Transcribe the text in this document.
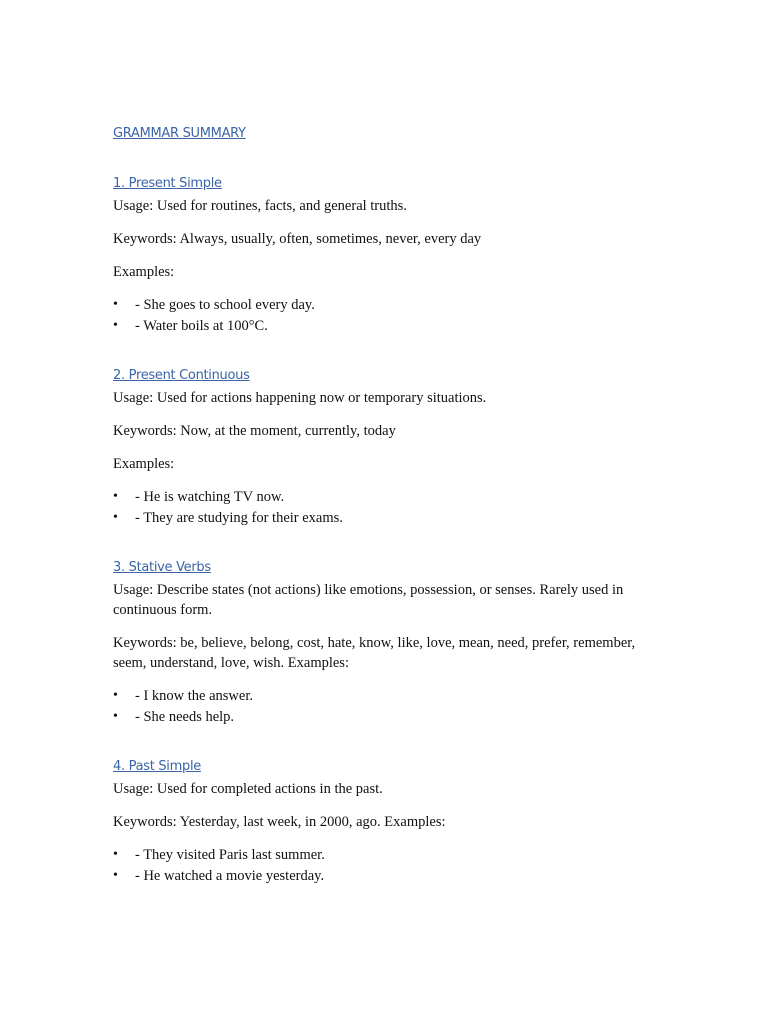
GRAMMAR SUMMARY
1. Present Simple

Usage: Used for routines, facts, and general truths.

Keywords: Always, usually, often, sometimes, never, every day

Examples:

• - She goes to school every day.
• - Water boils at 100°C.
2. Present Continuous

Usage: Used for actions happening now or temporary situations.

Keywords: Now, at the moment, currently, today

Examples:

• - He is watching TV now.
• - They are studying for their exams.
3. Stative Verbs

Usage: Describe states (not actions) like emotions, possession, or senses. Rarely used in continuous form.

Keywords: be, believe, belong, cost, hate, know, like, love, mean, need, prefer, remember, seem, understand, love, wish. Examples:

• - I know the answer.
• - She needs help.
4. Past Simple

Usage: Used for completed actions in the past.

Keywords: Yesterday, last week, in 2000, ago. Examples:

• - They visited Paris last summer.
• - He watched a movie yesterday.
